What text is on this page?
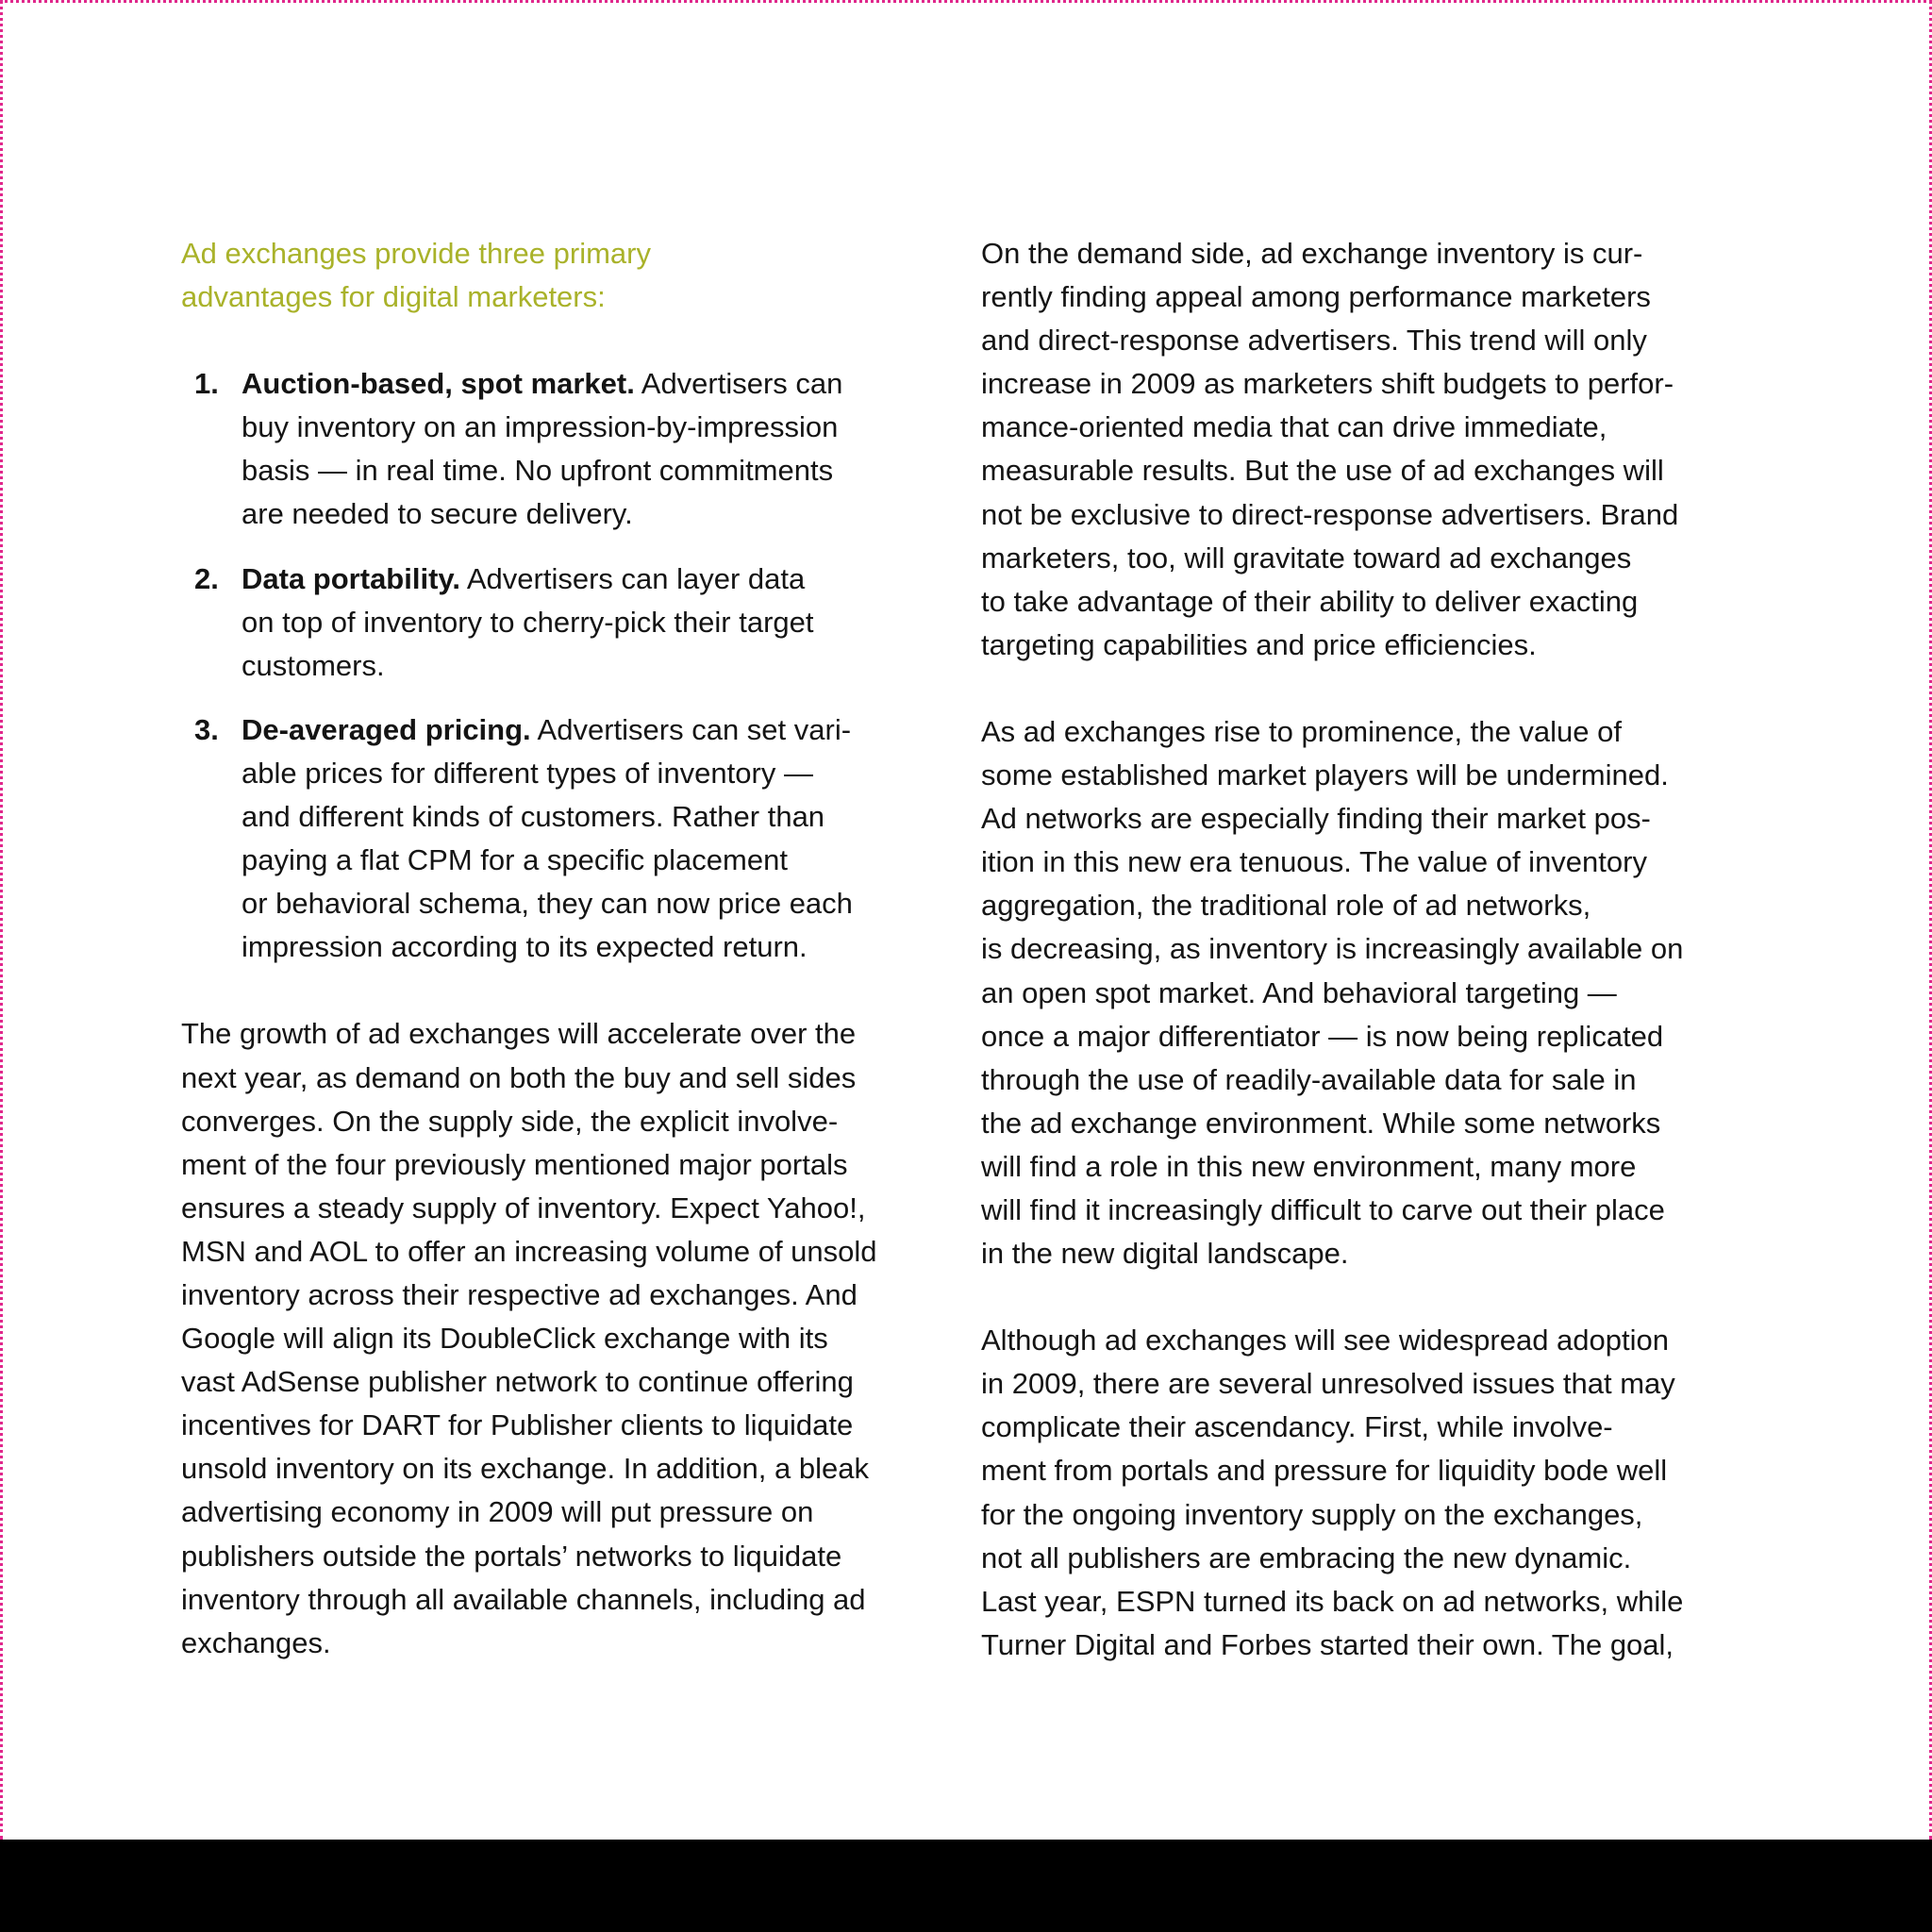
Ad exchanges provide three primary
advantages for digital marketers:
1. Auction-based, spot market. Advertisers can
buy inventory on an impression-by-impression
basis — in real time. No upfront commitments
are needed to secure delivery.
2. Data portability. Advertisers can layer data
on top of inventory to cherry-pick their target
customers.
3. De-averaged pricing. Advertisers can set vari-
able prices for different types of inventory —
and different kinds of customers. Rather than
paying a flat CPM for a specific placement
or behavioral schema, they can now price each
impression according to its expected return.

The growth of ad exchanges will accelerate over the
next year, as demand on both the buy and sell sides
converges. On the supply side, the explicit involve-
ment of the four previously mentioned major portals
ensures a steady supply of inventory. Expect Yahoo!,
MSN and AOL to offer an increasing volume of unsold
inventory across their respective ad exchanges. And
Google will align its DoubleClick exchange with its
vast AdSense publisher network to continue offering
incentives for DART for Publisher clients to liquidate
unsold inventory on its exchange. In addition, a bleak
advertising economy in 2009 will put pressure on
publishers outside the portals’ networks to liquidate
inventory through all available channels, including ad
exchanges.

On the demand side, ad exchange inventory is cur-
rently finding appeal among performance marketers
and direct-response advertisers. This trend will only
increase in 2009 as marketers shift budgets to perfor-
mance-oriented media that can drive immediate,
measurable results. But the use of ad exchanges will
not be exclusive to direct-response advertisers. Brand
marketers, too, will gravitate toward ad exchanges
to take advantage of their ability to deliver exacting
targeting capabilities and price efficiencies.

As ad exchanges rise to prominence, the value of
some established market players will be undermined.
Ad networks are especially finding their market pos-
ition in this new era tenuous. The value of inventory
aggregation, the traditional role of ad networks,
is decreasing, as inventory is increasingly available on
an open spot market. And behavioral targeting —
once a major differentiator — is now being replicated
through the use of readily-available data for sale in
the ad exchange environment. While some networks
will find a role in this new environment, many more
will find it increasingly difficult to carve out their place
in the new digital landscape.

Although ad exchanges will see widespread adoption
in 2009, there are several unresolved issues that may
complicate their ascendancy. First, while involve-
ment from portals and pressure for liquidity bode well
for the ongoing inventory supply on the exchanges,
not all publishers are embracing the new dynamic.
Last year, ESPN turned its back on ad networks, while
Turner Digital and Forbes started their own. The goal,
